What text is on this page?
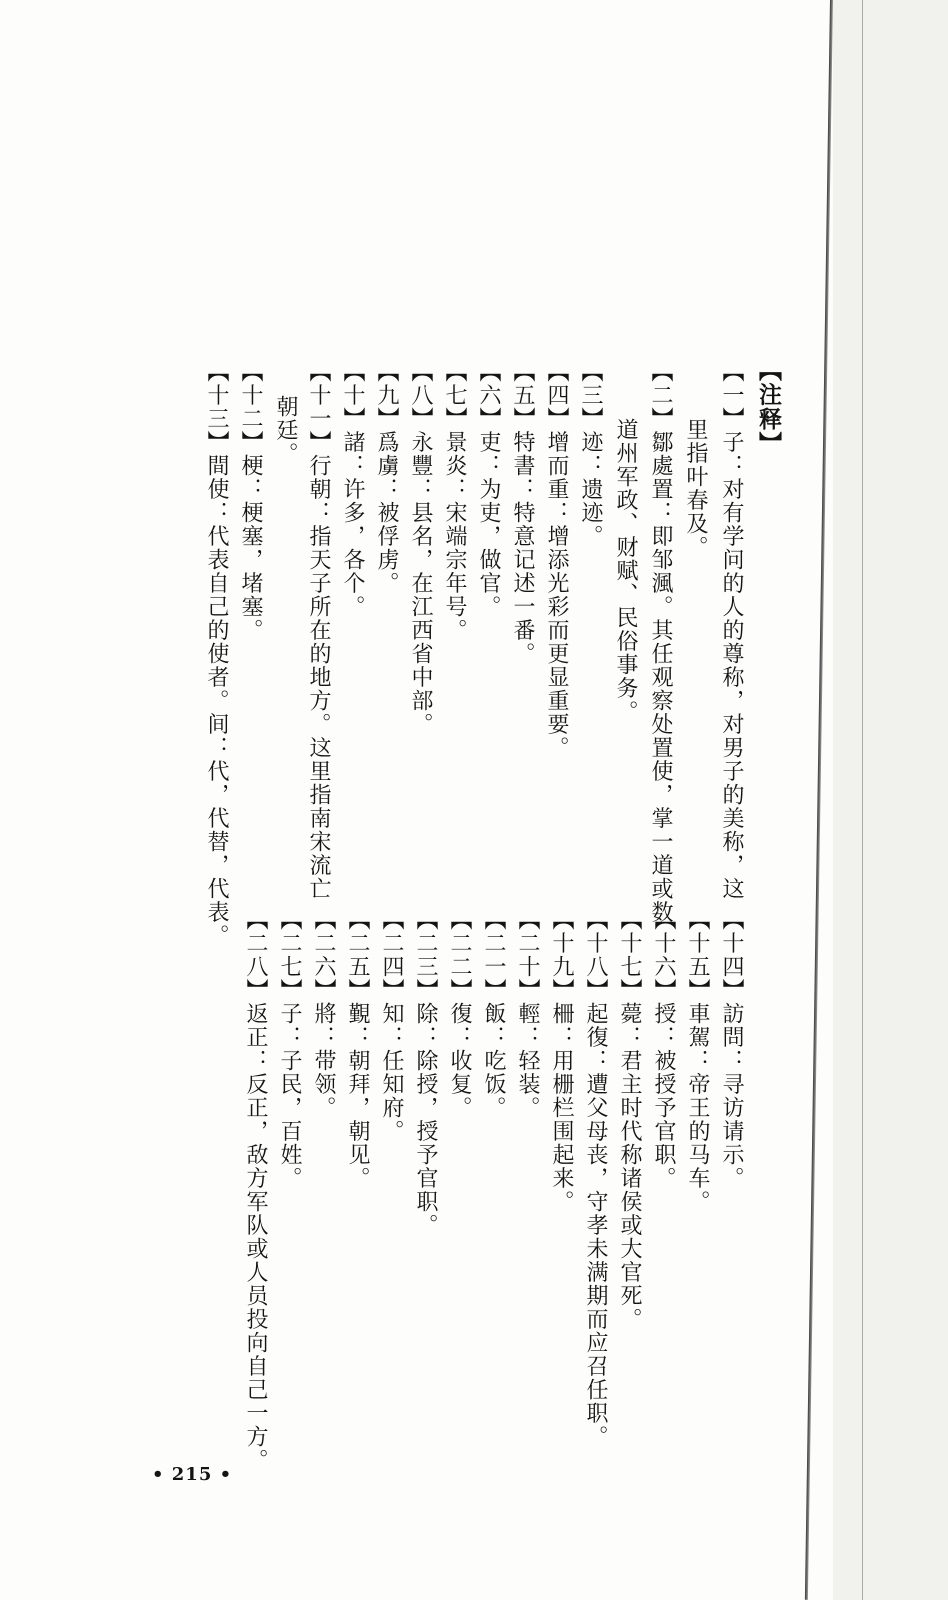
【注释】
【一】子：对有学问的人的尊称，对男子的美称，这
里指叶春及。
【二】鄒處置：即邹渢。其任观察处置使，掌一道或数
道州军政、财赋、民俗事务。
【三】迹：遗迹。
【四】增而重：增添光彩而更显重要。
【五】特書：特意记述一番。
【六】吏：为吏，做官。
【七】景炎：宋端宗年号。
【八】永豐：县名，在江西省中部。
【九】爲虜：被俘虏。
【十】諸：许多，各个。
【十一】行朝：指天子所在的地方。这里指南宋流亡
朝廷。
【十二】梗：梗塞，堵塞。
【十三】間使：代表自己的使者。间：代，代替，代表。
【十四】訪問：寻访请示。
【十五】車駕：帝王的马车。
【十六】授：被授予官职。
【十七】薨：君主时代称诸侯或大官死。
【十八】起復：遭父母丧，守孝未满期而应召任职。
【十九】柵：用栅栏围起来。
【二十】輕：轻装。
【二一】飯：吃饭。
【二二】復：收复。
【二三】除：除授，授予官职。
【二四】知：任知府。
【二五】覲：朝拜，朝见。
【二六】將：带领。
【二七】子：子民，百姓。
【二八】返正：反正，敌方军队或人员投向自己一方。
• 215 •
